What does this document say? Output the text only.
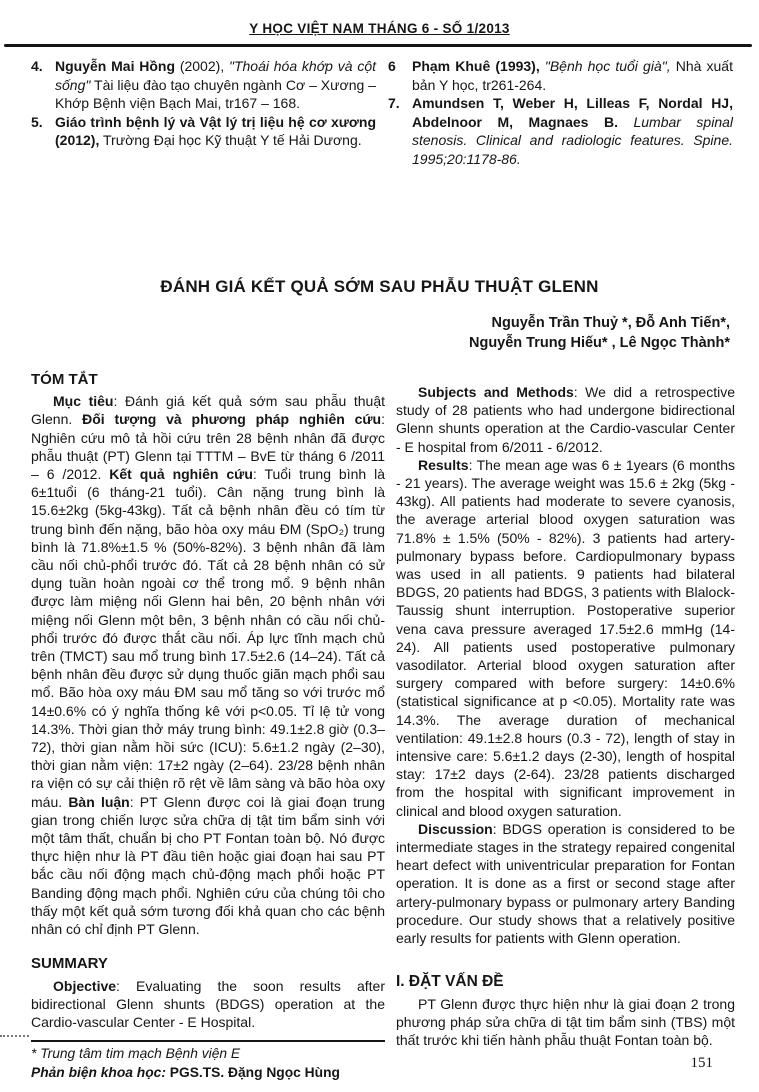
Y HỌC VIỆT NAM THÁNG 6 - SỐ 1/2013
4. Nguyễn Mai Hồng (2002), "Thoái hóa khớp và cột sống" Tài liệu đào tạo chuyên ngành Cơ – Xương – Khớp Bệnh viện Bạch Mai, tr167 – 168.
5. Giáo trình bệnh lý và Vật lý trị liệu hệ cơ xương (2012), Trường Đại học Kỹ thuật Y tế Hải Dương.
6	Phạm Khuê (1993), "Bệnh học tuổi già", Nhà xuất bản Y học, tr261-264.
7. Amundsen T, Weber H, Lilleas F, Nordal HJ, Abdelnoor M, Magnaes B. Lumbar spinal stenosis. Clinical and radiologic features. Spine. 1995;20:1178-86.
ĐÁNH GIÁ KẾT QUẢ SỚM SAU PHẪU THUẬT GLENN
Nguyễn Trần Thuỷ *, Đỗ Anh Tiến*,
Nguyễn Trung Hiếu* , Lê Ngọc Thành*
TÓM TẮT

Mục tiêu: Đánh giá kết quả sớm sau phẫu thuật Glenn. Đối tượng và phương pháp nghiên cứu: Nghiên cứu mô tả hồi cứu trên 28 bệnh nhân đã được phẫu thuật (PT) Glenn tại TTTM – BvE từ tháng 6 /2011 – 6 /2012. Kết quả nghiên cứu: Tuổi trung bình là 6±1tuổi (6 tháng-21 tuổi). Cân nặng trung bình là 15.6±2kg (5kg-43kg). Tất cả bệnh nhân đều có tím từ trung bình đến nặng, bão hòa oxy máu ĐM (SpO₂) trung bình là 71.8%±1.5 % (50%-82%). 3 bệnh nhân đã làm cầu nối chủ-phổi trước đó. Tất cả 28 bệnh nhân có sử dụng tuần hoàn ngoài cơ thể trong mổ. 9 bệnh nhân được làm miệng nối Glenn hai bên, 20 bệnh nhân với miệng nối Glenn một bên, 3 bệnh nhân có cầu nối chủ-phổi trước đó được thắt cầu nối. Áp lực tĩnh mạch chủ trên (TMCT) sau mổ trung bình 17.5±2.6 (14–24). Tất cả bệnh nhân đều được sử dụng thuốc giãn mạch phổi sau mổ. Bão hòa oxy máu ĐM sau mổ tăng so với trước mổ 14±0.6% có ý nghĩa thống kê với p<0.05. Tỉ lệ tử vong 14.3%. Thời gian thở máy trung bình: 49.1±2.8 giờ (0.3–72), thời gian nằm hồi sức (ICU): 5.6±1.2 ngày (2–30), thời gian nằm viện: 17±2 ngày (2–64). 23/28 bệnh nhân ra viện có sự cải thiện rõ rệt về lâm sàng và bão hòa oxy máu. Bàn luận: PT Glenn được coi là giai đoạn trung gian trong chiến lược sửa chữa dị tật tim bẩm sinh với một tâm thất, chuẩn bị cho PT Fontan toàn bộ. Nó được thực hiện như là PT đầu tiên hoặc giai đoạn hai sau PT bắc cầu nối động mạch chủ-động mạch phổi hoặc PT Banding động mạch phổi. Nghiên cứu của chúng tôi cho thấy một kết quả sớm tương đối khả quan cho các bệnh nhân có chỉ định PT Glenn.

SUMMARY

Objective: Evaluating the soon results after bidirectional Glenn shunts (BDGS) operation at the Cardio-vascular Center - E Hospital.

* Trung tâm tim mạch Bệnh viện E
Phản biện khoa học: PGS.TS. Đặng Ngọc Hùng

Subjects and Methods: We did a retrospective study of 28 patients who had undergone bidirectional Glenn shunts operation at the Cardio-vascular Center - E hospital from 6/2011 - 6/2012.

Results: The mean age was 6 ± 1years (6 months - 21 years). The average weight was 15.6 ± 2kg (5kg - 43kg). All patients had moderate to severe cyanosis, the average arterial blood oxygen saturation was 71.8% ± 1.5% (50% - 82%). 3 patients had artery-pulmonary bypass before. Cardiopulmonary bypass was used in all patients. 9 patients had bilateral BDGS, 20 patients had BDGS, 3 patients with Blalock-Taussig shunt interruption. Postoperative superior vena cava pressure averaged 17.5±2.6 mmHg (14-24). All patients used postoperative pulmonary vasodilator. Arterial blood oxygen saturation after surgery compared with before surgery: 14±0.6% (statistical significance at p <0.05). Mortality rate was 14.3%. The average duration of mechanical ventilation: 49.1±2.8 hours (0.3 - 72), length of stay in intensive care: 5.6±1.2 days (2-30), length of hospital stay: 17±2 days (2-64). 23/28 patients discharged from the hospital with significant improvement in clinical and blood oxygen saturation.

Discussion: BDGS operation is considered to be intermediate stages in the strategy repaired congenital heart defect with univentricular preparation for Fontan operation. It is done as a first or second stage after artery-pulmonary bypass or pulmonary artery Banding procedure. Our study shows that a relatively positive early results for patients with Glenn operation.

I. ĐẶT VẤN ĐỀ

PT Glenn được thực hiện như là giai đoạn 2 trong phương pháp sửa chữa di tật tim bẩm sinh (TBS) một thất trước khi tiến hành phẫu thuật Fontan toàn bộ.

151
